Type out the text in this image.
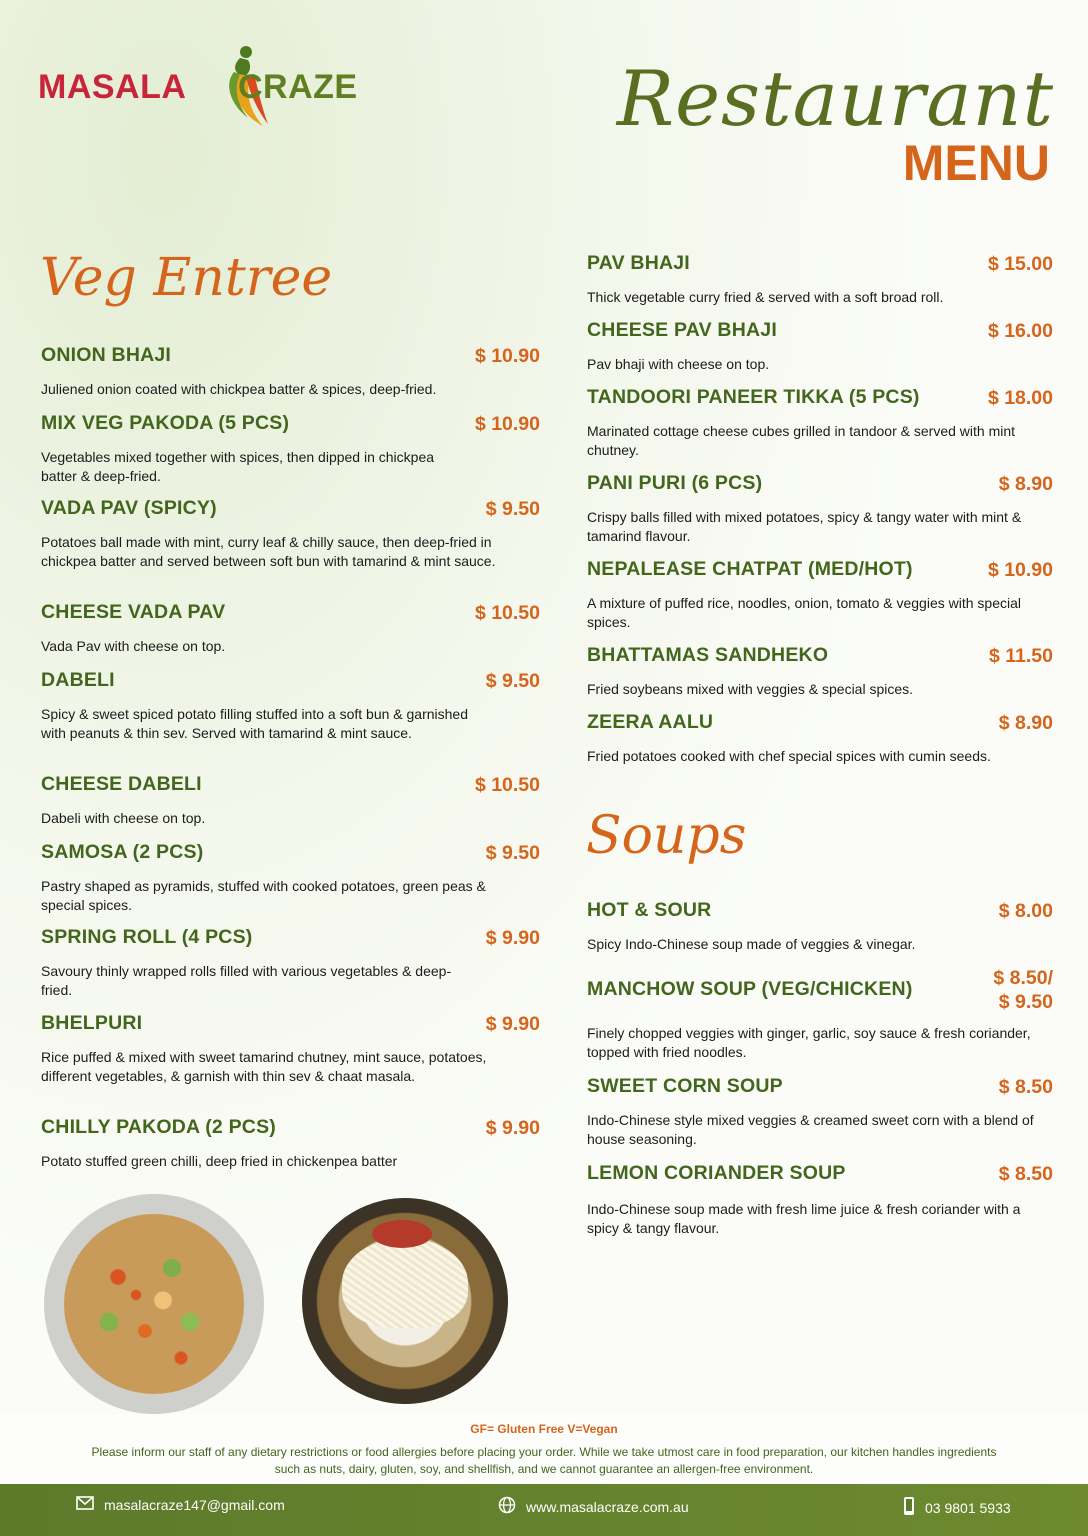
MASALA CRAZE	Restaurant
MENU
Veg Entree
Soups
ONION BHAJI	$ 10.90
Juliened onion coated with chickpea batter & spices, deep-fried.
MIX VEG PAKODA (5 PCS)	$ 10.90
Vegetables mixed together with spices, then dipped in chickpea batter & deep-fried.
VADA PAV (SPICY)	$ 9.50
Potatoes ball made with mint, curry leaf & chilly sauce, then deep-fried in chickpea batter and served between soft bun with tamarind & mint sauce.
CHEESE VADA PAV	$ 10.50
Vada Pav with cheese on top.
DABELI	$ 9.50
Spicy & sweet spiced potato filling stuffed into a soft bun & garnished with peanuts & thin sev. Served with tamarind & mint sauce.
CHEESE DABELI	$ 10.50
Dabeli with cheese on top.
SAMOSA (2 PCS)	$ 9.50
Pastry shaped as pyramids, stuffed with cooked potatoes, green peas & special spices.
SPRING ROLL (4 PCS)	$ 9.90
Savoury thinly wrapped rolls filled with various vegetables & deep-fried.
BHELPURI	$ 9.90
Rice puffed & mixed with sweet tamarind chutney, mint sauce, potatoes, different vegetables, & garnish with thin sev & chaat masala.
CHILLY PAKODA (2 PCS)	$ 9.90
Potato stuffed green chilli, deep fried in chickenpea batter
PAV BHAJI	$ 15.00
Thick vegetable curry fried & served with a soft broad roll.
CHEESE PAV BHAJI	$ 16.00
Pav bhaji with cheese on top.
TANDOORI PANEER TIKKA (5 PCS)	$ 18.00
Marinated cottage cheese cubes grilled in tandoor & served with mint chutney.
PANI PURI (6 PCS)	$ 8.90
Crispy balls filled with mixed potatoes, spicy & tangy water with mint & tamarind flavour.
NEPALEASE CHATPAT (MED/HOT)	$ 10.90
A mixture of puffed rice, noodles, onion, tomato & veggies with special spices.
BHATTAMAS SANDHEKO	$ 11.50
Fried soybeans mixed with veggies & special spices.
ZEERA AALU	$ 8.90
Fried potatoes cooked with chef special spices with cumin seeds.
HOT & SOUR	$ 8.00
Spicy Indo-Chinese soup made of veggies & vinegar.
MANCHOW SOUP (VEG/CHICKEN)	$ 8.50/
$ 9.50
Finely chopped veggies with ginger, garlic, soy sauce & fresh coriander, topped with fried noodles.
SWEET CORN SOUP	$ 8.50
Indo-Chinese style mixed veggies & creamed sweet corn with a blend of house seasoning.
LEMON CORIANDER SOUP	$ 8.50
Indo-Chinese soup made with fresh lime juice & fresh coriander with a spicy & tangy flavour.
GF= Gluten Free V=Vegan
Please inform our staff of any dietary restrictions or food allergies before placing your order. While we take utmost care in food preparation, our kitchen handles ingredients such as nuts, dairy, gluten, soy, and shellfish, and we cannot guarantee an allergen-free environment.
masalacraze147@gmail.com	www.masalacraze.com.au	03 9801 5933
